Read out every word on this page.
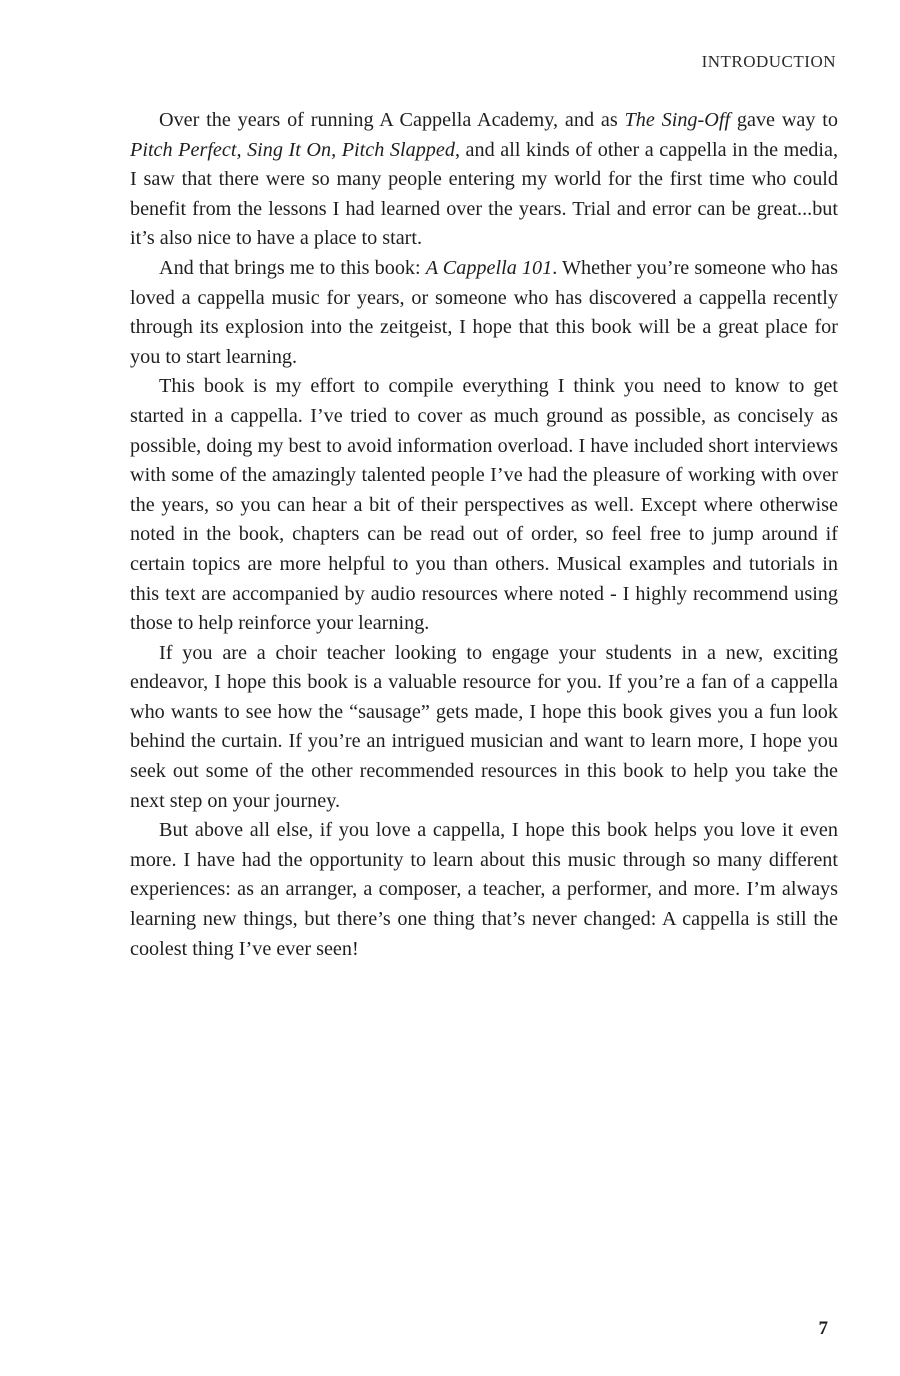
INTRODUCTION

Over the years of running A Cappella Academy, and as The Sing-Off gave way to Pitch Perfect, Sing It On, Pitch Slapped, and all kinds of other a cappella in the media, I saw that there were so many people entering my world for the first time who could benefit from the lessons I had learned over the years. Trial and error can be great...but it’s also nice to have a place to start.

And that brings me to this book: A Cappella 101. Whether you’re someone who has loved a cappella music for years, or someone who has discovered a cappella recently through its explosion into the zeitgeist, I hope that this book will be a great place for you to start learning.

This book is my effort to compile everything I think you need to know to get started in a cappella. I’ve tried to cover as much ground as possible, as concisely as possible, doing my best to avoid information overload. I have included short interviews with some of the amazingly talented people I’ve had the pleasure of working with over the years, so you can hear a bit of their perspectives as well. Except where otherwise noted in the book, chapters can be read out of order, so feel free to jump around if certain topics are more helpful to you than others. Musical examples and tutorials in this text are accompanied by audio resources where noted - I highly recommend using those to help reinforce your learning.

If you are a choir teacher looking to engage your students in a new, exciting endeavor, I hope this book is a valuable resource for you. If you’re a fan of a cappella who wants to see how the “sausage” gets made, I hope this book gives you a fun look behind the curtain. If you’re an intrigued musician and want to learn more, I hope you seek out some of the other recommended resources in this book to help you take the next step on your journey.

But above all else, if you love a cappella, I hope this book helps you love it even more. I have had the opportunity to learn about this music through so many different experiences: as an arranger, a composer, a teacher, a performer, and more. I’m always learning new things, but there’s one thing that’s never changed: A cappella is still the coolest thing I’ve ever seen!

7
